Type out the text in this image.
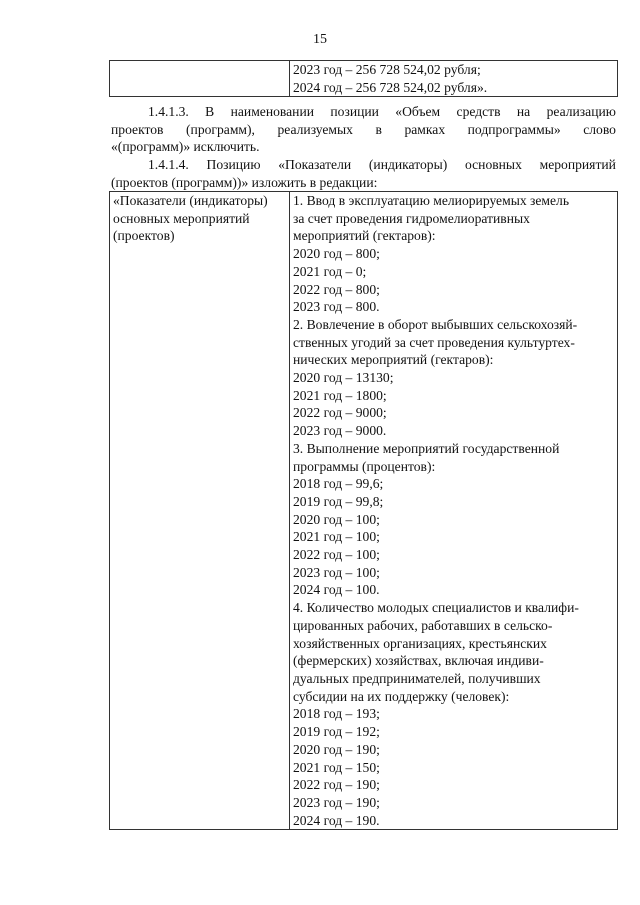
15

2023 год – 256 728 524,02 рубля;
2024 год – 256 728 524,02 рубля».
1.4.1.3. В наименовании позиции «Объем средств на реализацию
проектов (программ), реализуемых в рамках подпрограммы» слово
«(программ)» исключить.
1.4.1.4. Позицию «Показатели (индикаторы) основных мероприятий
(проектов (программ))» изложить в редакции:
«Показатели (индикаторы)
основных мероприятий
(проектов)

1. Ввод в эксплуатацию мелиорируемых земель
за счет проведения гидромелиоративных
мероприятий (гектаров):
2020 год – 800;
2021 год – 0;
2022 год – 800;
2023 год – 800.
2. Вовлечение в оборот выбывших сельскохозяй-
ственных угодий за счет проведения культуртех-
нических мероприятий (гектаров):
2020 год – 13130;
2021 год – 1800;
2022 год – 9000;
2023 год – 9000.
3. Выполнение мероприятий государственной
программы (процентов):
2018 год – 99,6;
2019 год – 99,8;
2020 год – 100;
2021 год – 100;
2022 год – 100;
2023 год – 100;
2024 год – 100.
4. Количество молодых специалистов и квалифи-
цированных рабочих, работавших в сельско-
хозяйственных организациях, крестьянских
(фермерских) хозяйствах, включая индиви-
дуальных предпринимателей, получивших
субсидии на их поддержку (человек):
2018 год – 193;
2019 год – 192;
2020 год – 190;
2021 год – 150;
2022 год – 190;
2023 год – 190;
2024 год – 190.
